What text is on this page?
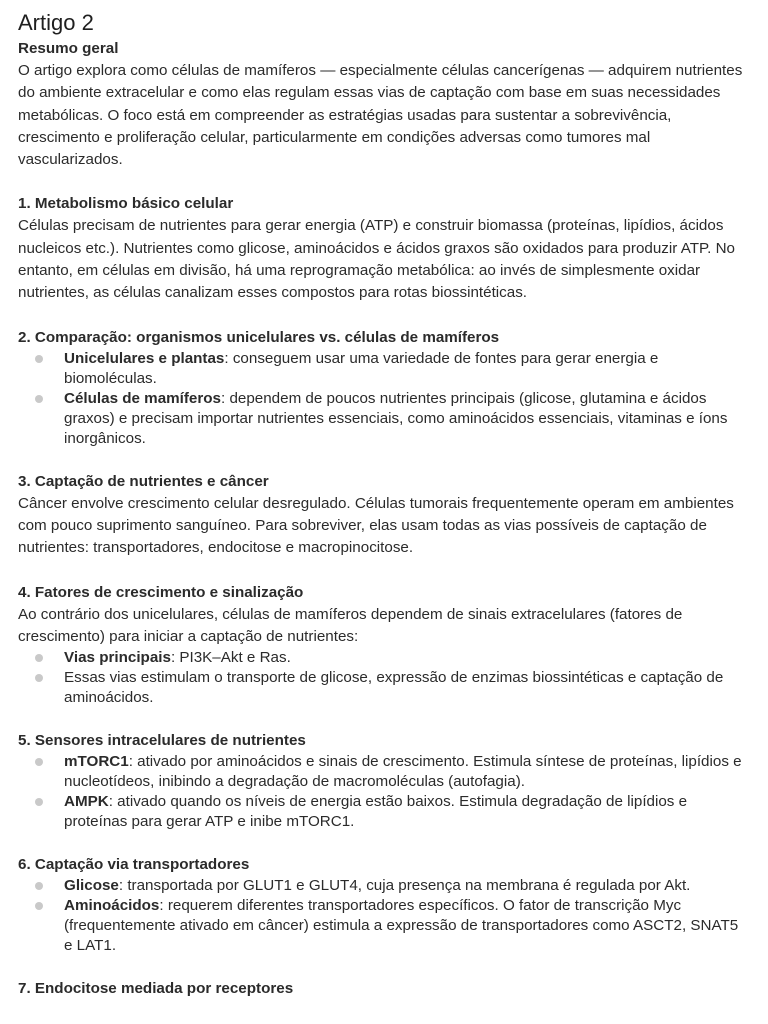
Artigo 2

Resumo geral

O artigo explora como células de mamíferos — especialmente células cancerígenas — adquirem nutrientes do ambiente extracelular e como elas regulam essas vias de captação com base em suas necessidades metabólicas. O foco está em compreender as estratégias usadas para sustentar a sobrevivência, crescimento e proliferação celular, particularmente em condições adversas como tumores mal vascularizados.

1. Metabolismo básico celular

Células precisam de nutrientes para gerar energia (ATP) e construir biomassa (proteínas, lipídios, ácidos nucleicos etc.). Nutrientes como glicose, aminoácidos e ácidos graxos são oxidados para produzir ATP. No entanto, em células em divisão, há uma reprogramação metabólica: ao invés de simplesmente oxidar nutrientes, as células canalizam esses compostos para rotas biossintéticas.

2. Comparação: organismos unicelulares vs. células de mamíferos

Unicelulares e plantas: conseguem usar uma variedade de fontes para gerar energia e biomoléculas.
Células de mamíferos: dependem de poucos nutrientes principais (glicose, glutamina e ácidos graxos) e precisam importar nutrientes essenciais, como aminoácidos essenciais, vitaminas e íons inorgânicos.

3. Captação de nutrientes e câncer

Câncer envolve crescimento celular desregulado. Células tumorais frequentemente operam em ambientes com pouco suprimento sanguíneo. Para sobreviver, elas usam todas as vias possíveis de captação de nutrientes: transportadores, endocitose e macropinocitose.

4. Fatores de crescimento e sinalização

Ao contrário dos unicelulares, células de mamíferos dependem de sinais extracelulares (fatores de crescimento) para iniciar a captação de nutrientes:

Vias principais: PI3K–Akt e Ras.
Essas vias estimulam o transporte de glicose, expressão de enzimas biossintéticas e captação de aminoácidos.

5. Sensores intracelulares de nutrientes

mTORC1: ativado por aminoácidos e sinais de crescimento. Estimula síntese de proteínas, lipídios e nucleotídeos, inibindo a degradação de macromoléculas (autofagia).
AMPK: ativado quando os níveis de energia estão baixos. Estimula degradação de lipídios e proteínas para gerar ATP e inibe mTORC1.

6. Captação via transportadores

Glicose: transportada por GLUT1 e GLUT4, cuja presença na membrana é regulada por Akt.
Aminoácidos: requerem diferentes transportadores específicos. O fator de transcrição Myc (frequentemente ativado em câncer) estimula a expressão de transportadores como ASCT2, SNAT5 e LAT1.

7. Endocitose mediada por receptores
